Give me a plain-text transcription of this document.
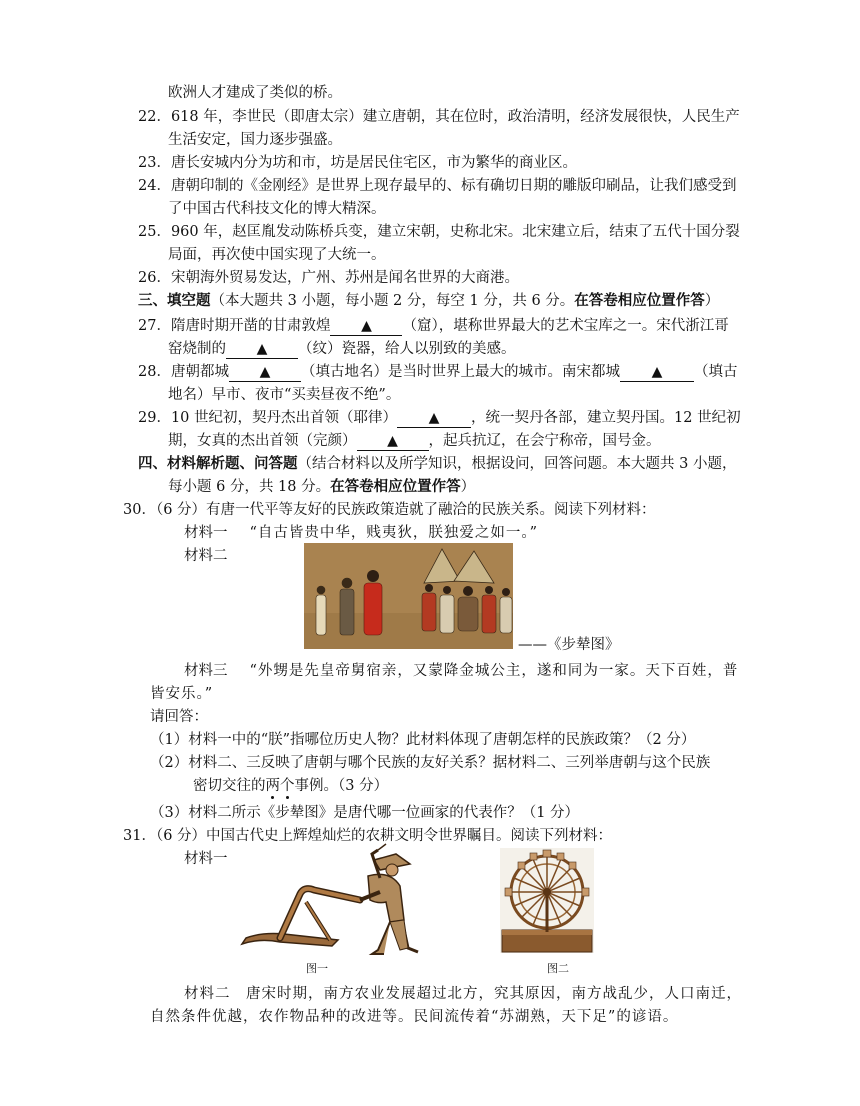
欧洲人才建成了类似的桥。
22．618 年，李世民（即唐太宗）建立唐朝，其在位时，政治清明，经济发展很快，人民生产
生活安定，国力逐步强盛。
23．唐长安城内分为坊和市，坊是居民住宅区，市为繁华的商业区。
24．唐朝印制的《金刚经》是世界上现存最早的、标有确切日期的雕版印刷品，让我们感受到
了中国古代科技文化的博大精深。
25．960 年，赵匡胤发动陈桥兵变，建立宋朝，史称北宋。北宋建立后，结束了五代十国分裂
局面，再次使中国实现了大统一。
26．宋朝海外贸易发达，广州、苏州是闻名世界的大商港。
三、填空题（本大题共 3 小题，每小题 2 分，每空 1 分，共 6 分。在答卷相应位置作答）
27．隋唐时期开凿的甘肃敦煌 ▲ （窟），堪称世界最大的艺术宝库之一。宋代浙江哥
窑烧制的 ▲ （纹）瓷器，给人以别致的美感。
28．唐朝都城 ▲ （填古地名）是当时世界上最大的城市。南宋都城 ▲ （填古
地名）早市、夜市“买卖昼夜不绝”。
29．10 世纪初，契丹杰出首领（耶律） ▲ ，统一契丹各部，建立契丹国。12 世纪初
期，女真的杰出首领（完颜） ▲ ，起兵抗辽，在会宁称帝，国号金。
四、材料解析题、问答题（结合材料以及所学知识，根据设问，回答问题。本大题共 3 小题，
每小题 6 分，共 18 分。在答卷相应位置作答）
30．（6 分）有唐一代平等友好的民族政策造就了融洽的民族关系。阅读下列材料：
材料一 “自古皆贵中华，贱夷狄，朕独爱之如一。”
材料二
——《步辇图》
材料三 “外甥是先皇帝舅宿亲，又蒙降金城公主，遂和同为一家。天下百姓，普
皆安乐。”
请回答：
（1）材料一中的“朕”指哪位历史人物？此材料体现了唐朝怎样的民族政策？（2 分）
（2）材料二、三反映了唐朝与哪个民族的友好关系？据材料二、三列举唐朝与这个民族
密切交往的两个事例。（3 分）
（3）材料二所示《步辇图》是唐代哪一位画家的代表作？（1 分）
31．（6 分）中国古代史上辉煌灿烂的农耕文明令世界瞩目。阅读下列材料：
材料一
图一	图二
材料二　唐宋时期，南方农业发展超过北方，究其原因，南方战乱少，人口南迁，
自然条件优越，农作物品种的改进等。民间流传着“苏湖熟，天下足”的谚语。
